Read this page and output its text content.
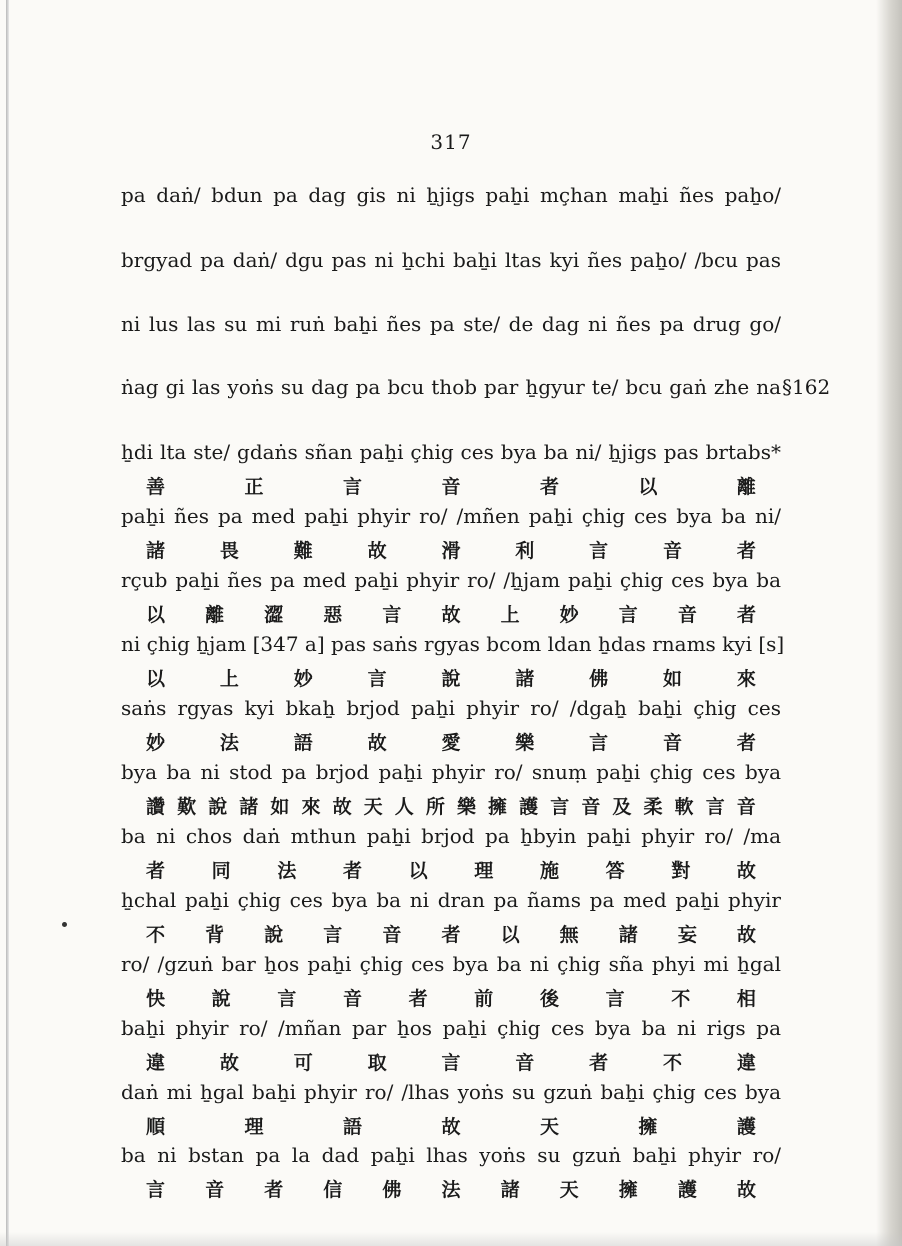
317
pa daṅ/ bdun pa dag gis ni ẖjigs paẖi mçhan maẖi ñes paẖo/
brgyad pa daṅ/ dgu pas ni ẖchi baẖi ltas kyi ñes paẖo/ /bcu pas
ni lus las su mi ruṅ baẖi ñes pa ste/ de dag ni ñes pa drug go/
ṅag gi las yoṅs su dag pa bcu thob par ẖgyur te/ bcu gaṅ zhe na §162
ẖdi lta ste/ gdaṅs sñan paẖi çhig ces bya ba ni/ ẖjigs pas brtabs*
善	正	言	音	者	以	離
paẖi ñes pa med paẖi phyir ro/ /mñen paẖi çhig ces bya ba ni/
諸	畏	難	故	滑	利	言	音	者
rçub paẖi ñes pa med paẖi phyir ro/ /ẖjam paẖi çhig ces bya ba
以 離 澀 惡 言 故 上 妙 言 音 者
ni çhig ẖjam [347 a] pas saṅs rgyas bcom ldan ẖdas rnams kyi [s]
以	上	妙	言	說	諸	佛	如	來
saṅs rgyas kyi bkaẖ brjod paẖi phyir ro/ /dgaẖ baẖi çhig ces
妙	法	語	故	愛	樂	言	音	者
bya ba ni stod pa brjod paẖi phyir ro/ snuṃ paẖi çhig ces bya
讚 歎 說 諸 如 來 故 天 人 所 樂 擁 護 言 音 及 柔 軟 言 音
ba ni chos daṅ mthun paẖi brjod pa ẖbyin paẖi phyir ro/ /ma
者 同 法 者 以 理 施 答 對 故
ẖchal paẖi çhig ces bya ba ni dran pa ñams pa med paẖi phyir
不 背 說 言 音 者 以 無 諸 妄 故
ro/ /gzuṅ bar ẖos paẖi çhig ces bya ba ni çhig sña phyi mi ẖgal
快 說 言 音 者 前 後 言 不 相
baẖi phyir ro/ /mñan par ẖos paẖi çhig ces bya ba ni rigs pa
違	故	可	取	言	音	者	不	違
daṅ mi ẖgal baẖi phyir ro/ /lhas yoṅs su gzuṅ baẖi çhig ces bya
順	理	語	故	天	擁	護
ba ni bstan pa la dad paẖi lhas yoṅs su gzuṅ baẖi phyir ro/
言 音 者 信 佛 法 諸 天 擁 護 故
